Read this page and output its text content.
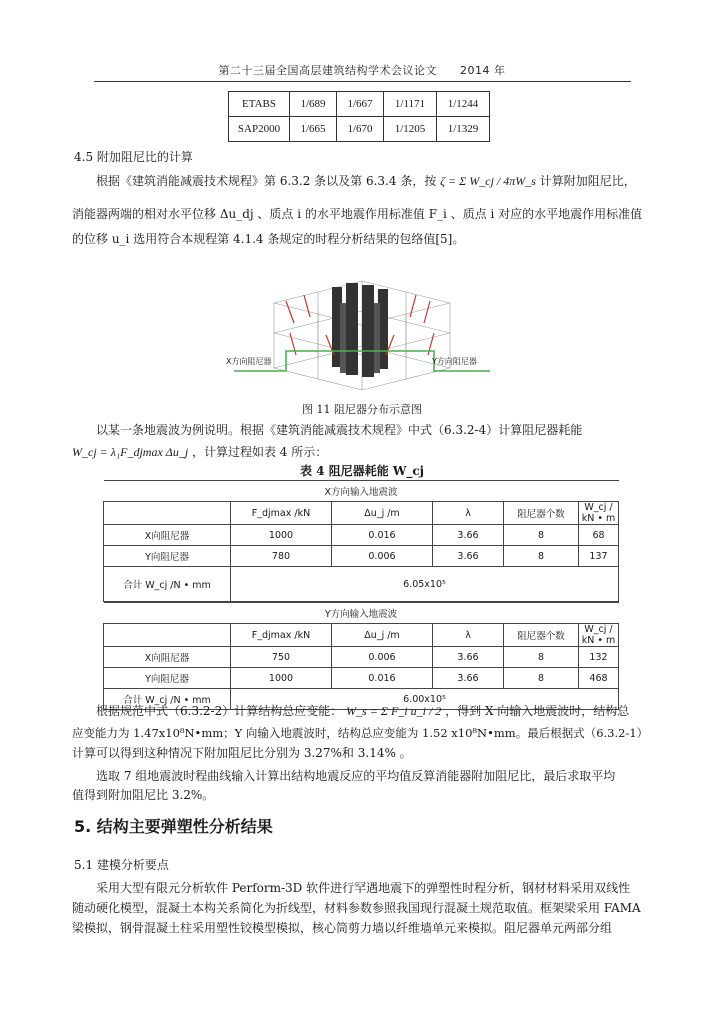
第二十三届全国高层建筑结构学术会议论文　　2014 年
ETABS	1/689	1/667	1/1171	1/1244
SAP2000	1/665	1/670	1/1205	1/1329
4.5 附加阻尼比的计算
根据《建筑消能减震技术规程》第 6.3.2 条以及第 6.3.4 条，按 ζ = Σ W_cj / 4πW_s 计算附加阻尼比，
消能器两端的相对水平位移 Δu_dj 、质点 i 的水平地震作用标准值 F_i 、质点 i 对应的水平地震作用标准值
的位移 u_i 选用符合本规程第 4.1.4 条规定的时程分析结果的包络值[5]。
X方向阻尼器	Y方向阻尼器
图 11 阻尼器分布示意图
以某一条地震波为例说明。根据《建筑消能减震技术规程》中式（6.3.2-4）计算阻尼器耗能
W_cj = λ₁F_djmax Δu_j ，计算过程如表 4 所示：
表 4 阻尼器耗能 W_cj
X方向输入地震波					
	F_djmax /kN	Δu_j /m	λ	阻尼器个数	W_cj / kN • m
X向阻尼器	1000	0.016	3.66	8	68
Y向阻尼器	780	0.006	3.66	8	137
合计 W_cj /N • mm	6.05x10⁵				
Y方向输入地震波					
	F_djmax /kN	Δu_j /m	λ	阻尼器个数	W_cj / kN • m
X向阻尼器	750	0.006	3.66	8	132
Y向阻尼器	1000	0.016	3.66	8	468
合计 W_cj /N • mm	6.00x10⁵				
根据规范中式（6.3.2-2）计算结构总应变能： W_s = Σ F_i u_i / 2 ，得到 X 向输入地震波时，结构总
应变能力为 1.47x10⁸N•mm；Y 向输入地震波时，结构总应变能为 1.52 x10⁸N•mm。最后根据式（6.3.2-1）
计算可以得到这种情况下附加阻尼比分别为 3.27%和 3.14% 。
选取 7 组地震波时程曲线输入计算出结构地震反应的平均值反算消能器附加阻尼比，最后求取平均
值得到附加阻尼比 3.2%。
5. 结构主要弹塑性分析结果
5.1 建模分析要点
采用大型有限元分析软件 Perform-3D 软件进行罕遇地震下的弹塑性时程分析，钢材材料采用双线性
随动硬化模型，混凝土本构关系简化为折线型，材料参数参照我国现行混凝土规范取值。框架梁采用 FAMA
梁模拟，钢骨混凝土柱采用塑性铰模型模拟，核心筒剪力墙以纤维墙单元来模拟。阻尼器单元两部分组
